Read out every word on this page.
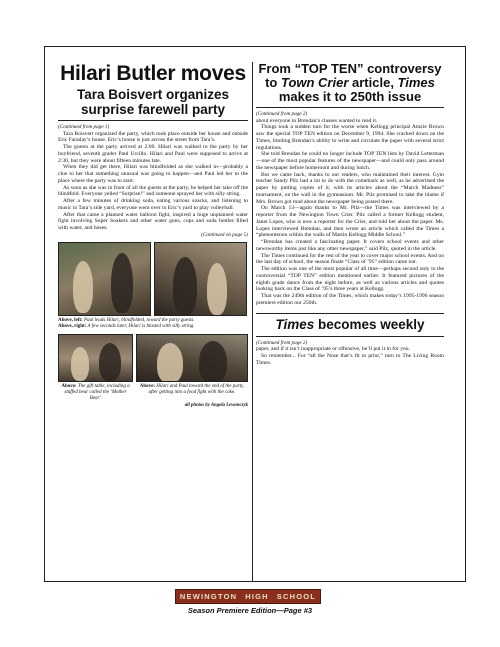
Hilari Butler moves
Tara Boisvert organizes surprise farewell party
(Continued from page 1)

Tara Boisvert organized the party, which took place outside her house and outside Eric Faraday’s house. Eric’s house is just across the street from Tara’s.

The guests at the party arrived at 2:00. Hilari was walked to the party by her boyfriend, seventh grader Paul Urcillo. Hilari and Paul were supposed to arrive at 2:30, but they were about fifteen minutes late.

When they did get there, Hilari was blindfolded as she walked in—probably a clue to her that something unusual was going to happen—and Paul led her to the place where the party was to start.

As soon as she was in front of all the guests at the party, he helped her take off the blindfold. Everyone yelled “Surprise!” and someone sprayed her with silly string.

After a few minutes of drinking soda, eating various snacks, and listening to music in Tara’s side yard, everyone went over to Eric’s yard to play volleyball.

After that came a planned water balloon fight, inspired a huge unplanned water fight involving Super Soakers and other water guns, cups and soda bottles filled with water, and hoses.

(Continued on page 5)
Above, left: Paul leads Hilari, blindfolded, toward the party guests.
Above, right: A few seconds later, Hilari is blasted with silly string.
Above: The gift table, including a stuffed bear called the ‘Mother Bear’
Above: Hilari and Paul toward the end of the party, after getting into a food fight with the cake.
all photos by Angela Lewonczyk
From “TOP TEN” controversy
to Town Crier article, Times
makes it to 250th issue
(Continued from page 2)

about everyone in Brendan’s classes wanted to read it.

Things took a sudden turn for the worse when Kellogg principal Amzie Brown saw the special TOP TEN edition on December 9, 1994. She cracked down on the Times, limiting Brendan’s ability to write and circulate the paper with several strict regulations.

She told Brendan he could no longer include TOP TEN lists by David Letterman—one of the most popular features of the newspaper—and could only pass around the newspaper before homeroom and during lunch.

But we came back, thanks to our readers, who maintained their interest. Gym teacher Sandy Pilz had a lot to do with the comeback as well, as he advertised the paper by putting copies of it, with its articles about the “March Madness” tournament, on the wall in the gymnasium. Mr. Pilz promised to take the blame if Mrs. Brown got mad about the newspaper being posted there.

On March 13—again thanks to Mr. Pilz—the Times was interviewed by a reporter from the Newington Town Crier. Pilz called a former Kellogg student, Janet Lopes, who is now a reporter for the Crier, and told her about the paper. Ms. Lopes interviewed Brendan, and then wrote an article which called the Times a “phenomenon within the walls of Martin Kellogg Middle School.”

“Brendan has created a fascinating paper. It covers school events and other newsworthy items just like any other newspaper,” said Pilz, quoted in the article.

The Times continued for the rest of the year to cover major school events. And on the last day of school, the season finale “Class of ’95” edition came out.

The edition was one of the most popular of all time—perhaps second only to the controversial “TOP TEN” edition mentioned earlier. It featured pictures of the eighth grade dance from the night before, as well as various articles and quotes looking back on the Class of ’95’s three years at Kellogg.

That was the 249th edition of the Times, which makes today’s 1995-1996 season premiere edition our 250th.

Times becomes weekly
(Continued from page 2)

paper, and if it isn’t inappropriate or offensive, he’ll put it in for you.

So remember... For “all the Nose that’s fit to print,” turn to The Living Room Times.

NEWINGTON HIGH SCHOOL
Season Premiere Edition—Page #3
